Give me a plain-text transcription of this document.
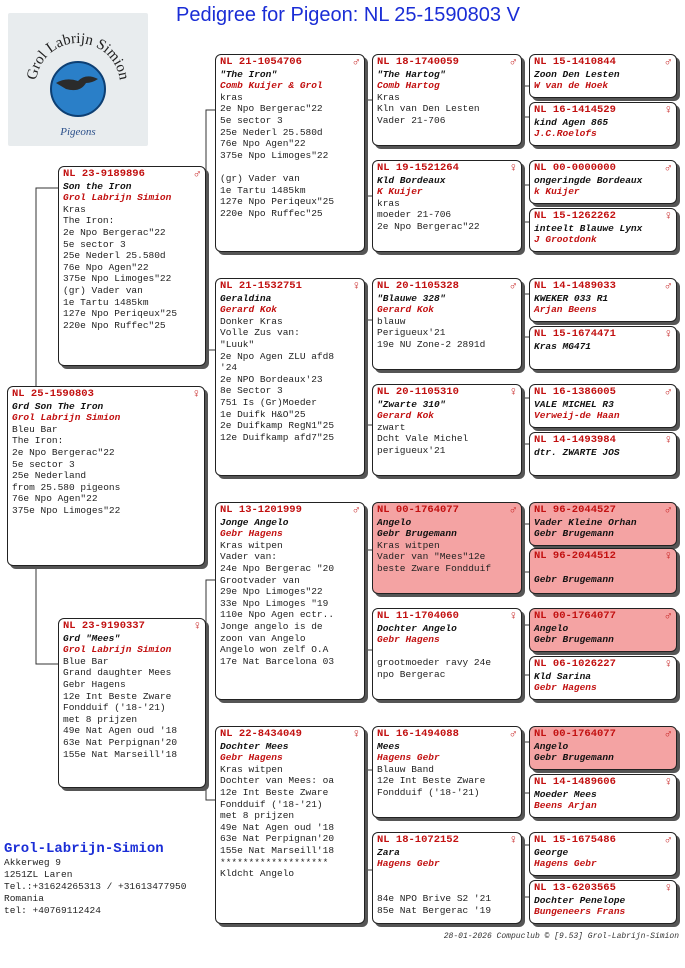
Pedigree for Pigeon: NL 25-1590803 V
Grol Labrijn Simion
Pigeons
NL 25-1590803	♀
Grd Son The Iron
Grol Labrijn Simion
Bleu Bar
The Iron:
2e Npo Bergerac"22
5e sector 3
25e Nederland
from 25.580 pigeons
76e Npo Agen"22
375e Npo Limoges"22
NL 23-9189896	♂
Son the Iron
Grol Labrijn Simion
Kras
The Iron:
2e Npo Bergerac"22
5e sector 3
25e Nederl 25.580d
76e Npo Agen"22
375e Npo Limoges"22
(gr) Vader van
1e Tartu 1485km
127e Npo Periqeux"25
220e Npo Ruffec"25
NL 23-9190337	♀
Grd "Mees"
Grol Labrijn Simion
Blue Bar
Grand daughter Mees
Gebr Hagens
12e Int Beste Zware
Fondduif ('18-'21)
met 8 prijzen
49e Nat Agen oud '18
63e Nat Perpignan'20
155e Nat Marseill'18
NL 21-1054706	♂
"The Iron"
Comb Kuijer & Grol
kras
2e Npo Bergerac"22
5e sector 3
25e Nederl 25.580d
76e Npo Agen"22
375e Npo Limoges"22
(gr) Vader van
1e Tartu 1485km
127e Npo Periqeux"25
220e Npo Ruffec"25
NL 21-1532751	♀
Geraldina
Gerard Kok
Donker Kras
Volle Zus van:
"Luuk"
2e Npo Agen ZLU afd8
'24
2e NPO Bordeaux'23
8e Sector 3
751 Is (Gr)Moeder
1e Duifk H&O"25
2e Duifkamp RegN1"25
12e Duifkamp afd7"25
NL 13-1201999	♂
Jonge Angelo
Gebr Hagens
Kras witpen
Vader van:
24e Npo Bergerac "20
Grootvader van
29e Npo Limoges"22
33e Npo Limoges "19
110e Npo Agen ectr..
Jonge angelo is de
zoon van Angelo
Angelo won zelf O.A
17e Nat Barcelona 03
NL 22-8434049	♀
Dochter Mees
Gebr Hagens
Kras witpen
Dochter van Mees: oa
12e Int Beste Zware
Fondduif ('18-'21)
met 8 prijzen
49e Nat Agen oud '18
63e Nat Perpignan'20
155e Nat Marseill'18
*******************
Kldcht Angelo
NL 18-1740059	♂
"The Hartog"
Comb Hartog
Kras
Kln van Den Lesten
Vader 21-706
NL 19-1521264	♀
Kld Bordeaux
K Kuijer
kras
moeder 21-706
2e Npo Bergerac"22
NL 20-1105328	♂
"Blauwe 328"
Gerard Kok
blauw
Perigueux'21
19e NU Zone-2 2891d
NL 20-1105310	♀
"Zwarte 310"
Gerard Kok
zwart
Dcht Vale Michel
perigueux'21
NL 00-1764077	♂
Angelo
Gebr Brugemann
Kras witpen
Vader van "Mees"12e
beste Zware Fondduif
NL 11-1704060	♀
Dochter Angelo
Gebr Hagens
grootmoeder ravy 24e
npo Bergerac
NL 16-1494088	♂
Mees
Hagens Gebr
Blauw Band
12e Int Beste Zware
Fondduif ('18-'21)
NL 18-1072152	♀
Zara
Hagens Gebr
84e NPO Brive S2 '21
85e Nat Bergerac '19
NL 15-1410844	♂
Zoon Den Lesten
W van de Hoek
NL 16-1414529	♀
kind Agen 865
J.C.Roelofs
NL 00-0000000	♂
ongeringde Bordeaux
k Kuijer
NL 15-1262262	♀
inteelt Blauwe Lynx
J Grootdonk
NL 14-1489033	♂
KWEKER 033 R1
Arjan Beens
NL 15-1674471	♀
Kras MG471
NL 16-1386005	♂
VALE MICHEL R3
Verweij-de Haan
NL 14-1493984	♀
dtr. ZWARTE JOS
NL 96-2044527	♂
Vader Kleine Orhan
Gebr Brugemann
NL 96-2044512	♀
Gebr Brugemann
NL 00-1764077	♂
Angelo
Gebr Brugemann
NL 06-1026227	♀
Kld Sarina
Gebr Hagens
NL 00-1764077	♂
Angelo
Gebr Brugemann
NL 14-1489606	♀
Moeder Mees
Beens Arjan
NL 15-1675486	♂
George
Hagens Gebr
NL 13-6203565	♀
Dochter Penelope
Bungeneers Frans
Grol-Labrijn-Simion
Akkerweg 9
1251ZL Laren
Tel.:+31624265313 / +31613477950
Romania
tel: +40769112424
28-01-2026 Compuclub © [9.53] Grol-Labrijn-Simion
